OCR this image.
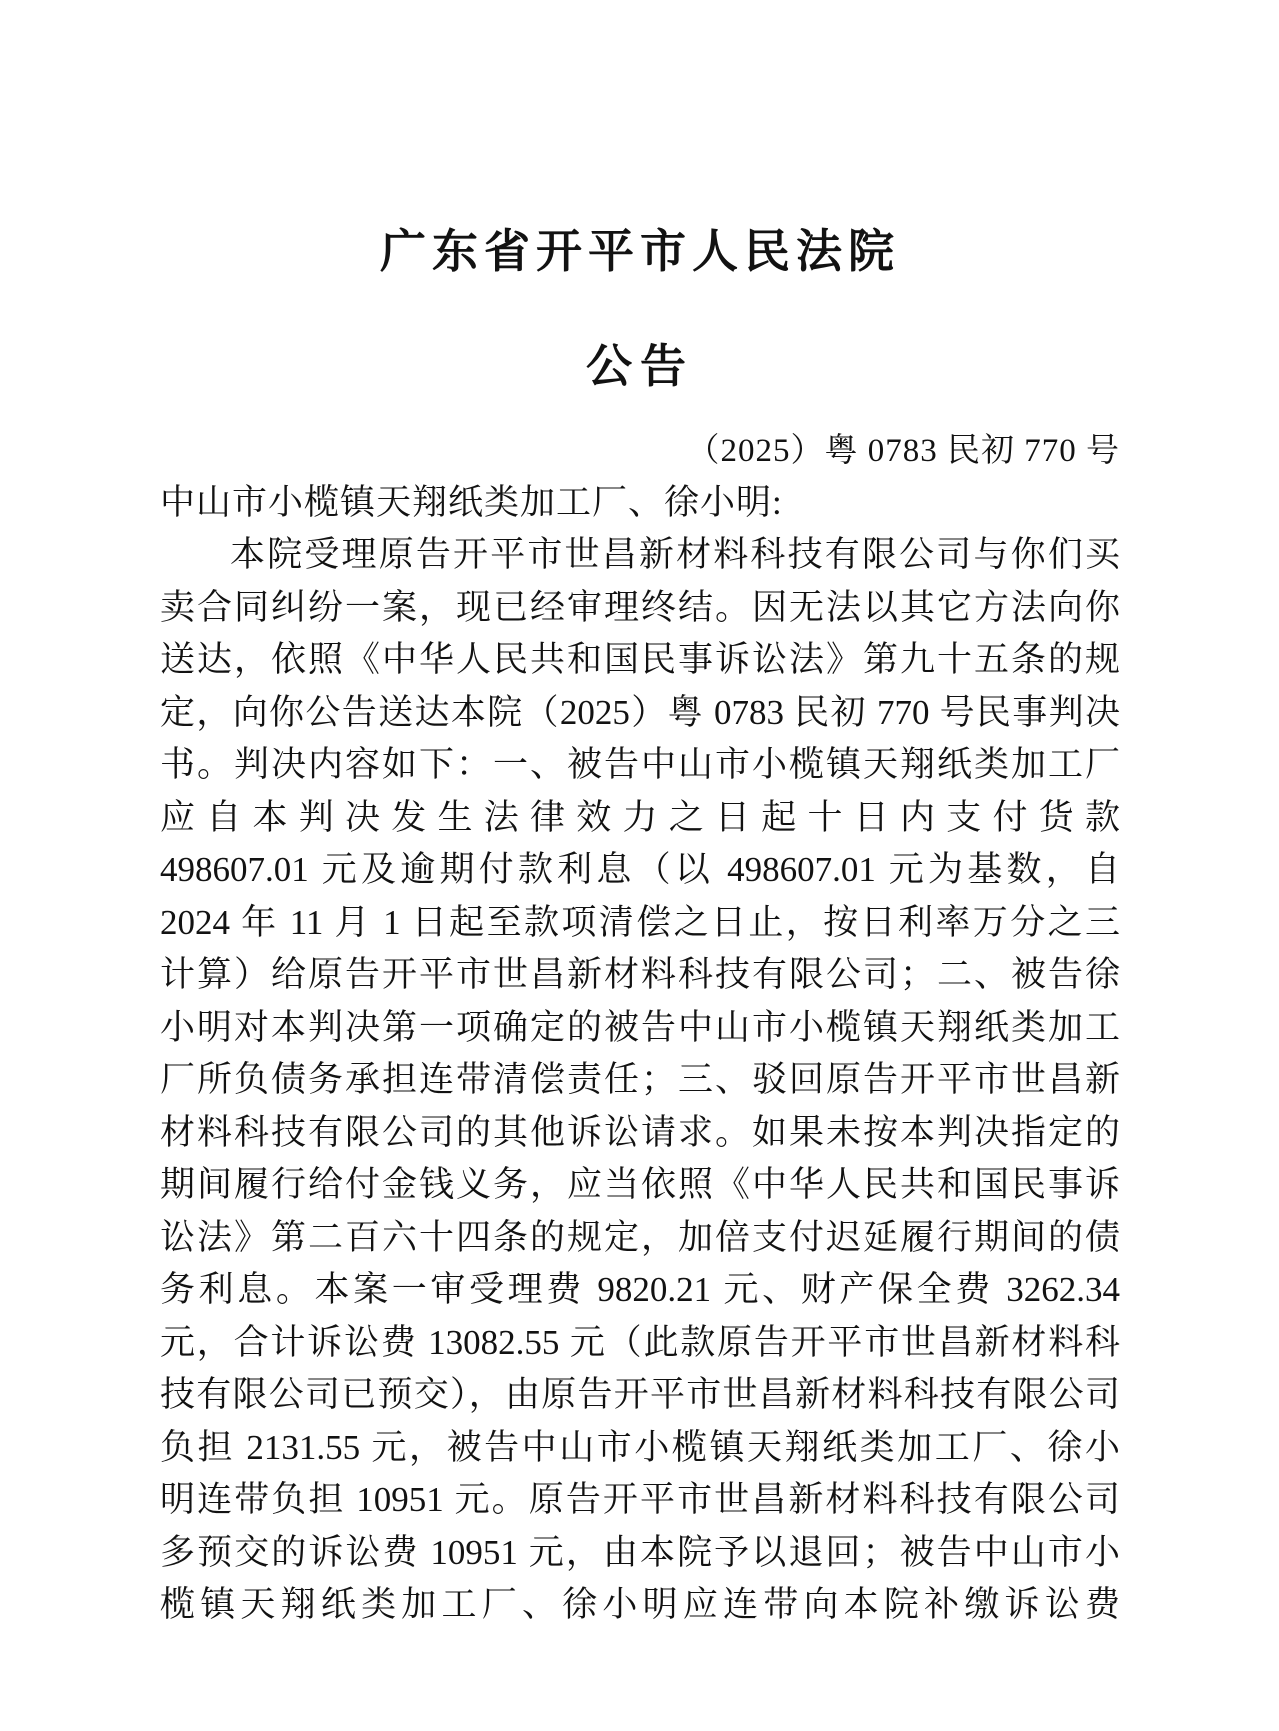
广东省开平市人民法院
公告
（2025）粤 0783 民初 770 号
中山市小榄镇天翔纸类加工厂、徐小明:
本院受理原告开平市世昌新材料科技有限公司与你们买
卖合同纠纷一案，现已经审理终结。因无法以其它方法向你
送达，依照《中华人民共和国民事诉讼法》第九十五条的规
定，向你公告送达本院（2025）粤 0783 民初 770 号民事判决
书。判决内容如下：一、被告中山市小榄镇天翔纸类加工厂
应自本判决发生法律效力之日起十日内支付货款
498607.01 元及逾期付款利息（以 498607.01 元为基数，自
2024 年 11 月 1 日起至款项清偿之日止，按日利率万分之三
计算）给原告开平市世昌新材料科技有限公司；二、被告徐
小明对本判决第一项确定的被告中山市小榄镇天翔纸类加工
厂所负债务承担连带清偿责任；三、驳回原告开平市世昌新
材料科技有限公司的其他诉讼请求。如果未按本判决指定的
期间履行给付金钱义务，应当依照《中华人民共和国民事诉
讼法》第二百六十四条的规定，加倍支付迟延履行期间的债
务利息。本案一审受理费 9820.21 元、财产保全费 3262.34
元，合计诉讼费 13082.55 元（此款原告开平市世昌新材料科
技有限公司已预交），由原告开平市世昌新材料科技有限公司
负担 2131.55 元，被告中山市小榄镇天翔纸类加工厂、徐小
明连带负担 10951 元。原告开平市世昌新材料科技有限公司
多预交的诉讼费 10951 元，由本院予以退回；被告中山市小
榄镇天翔纸类加工厂、徐小明应连带向本院补缴诉讼费
